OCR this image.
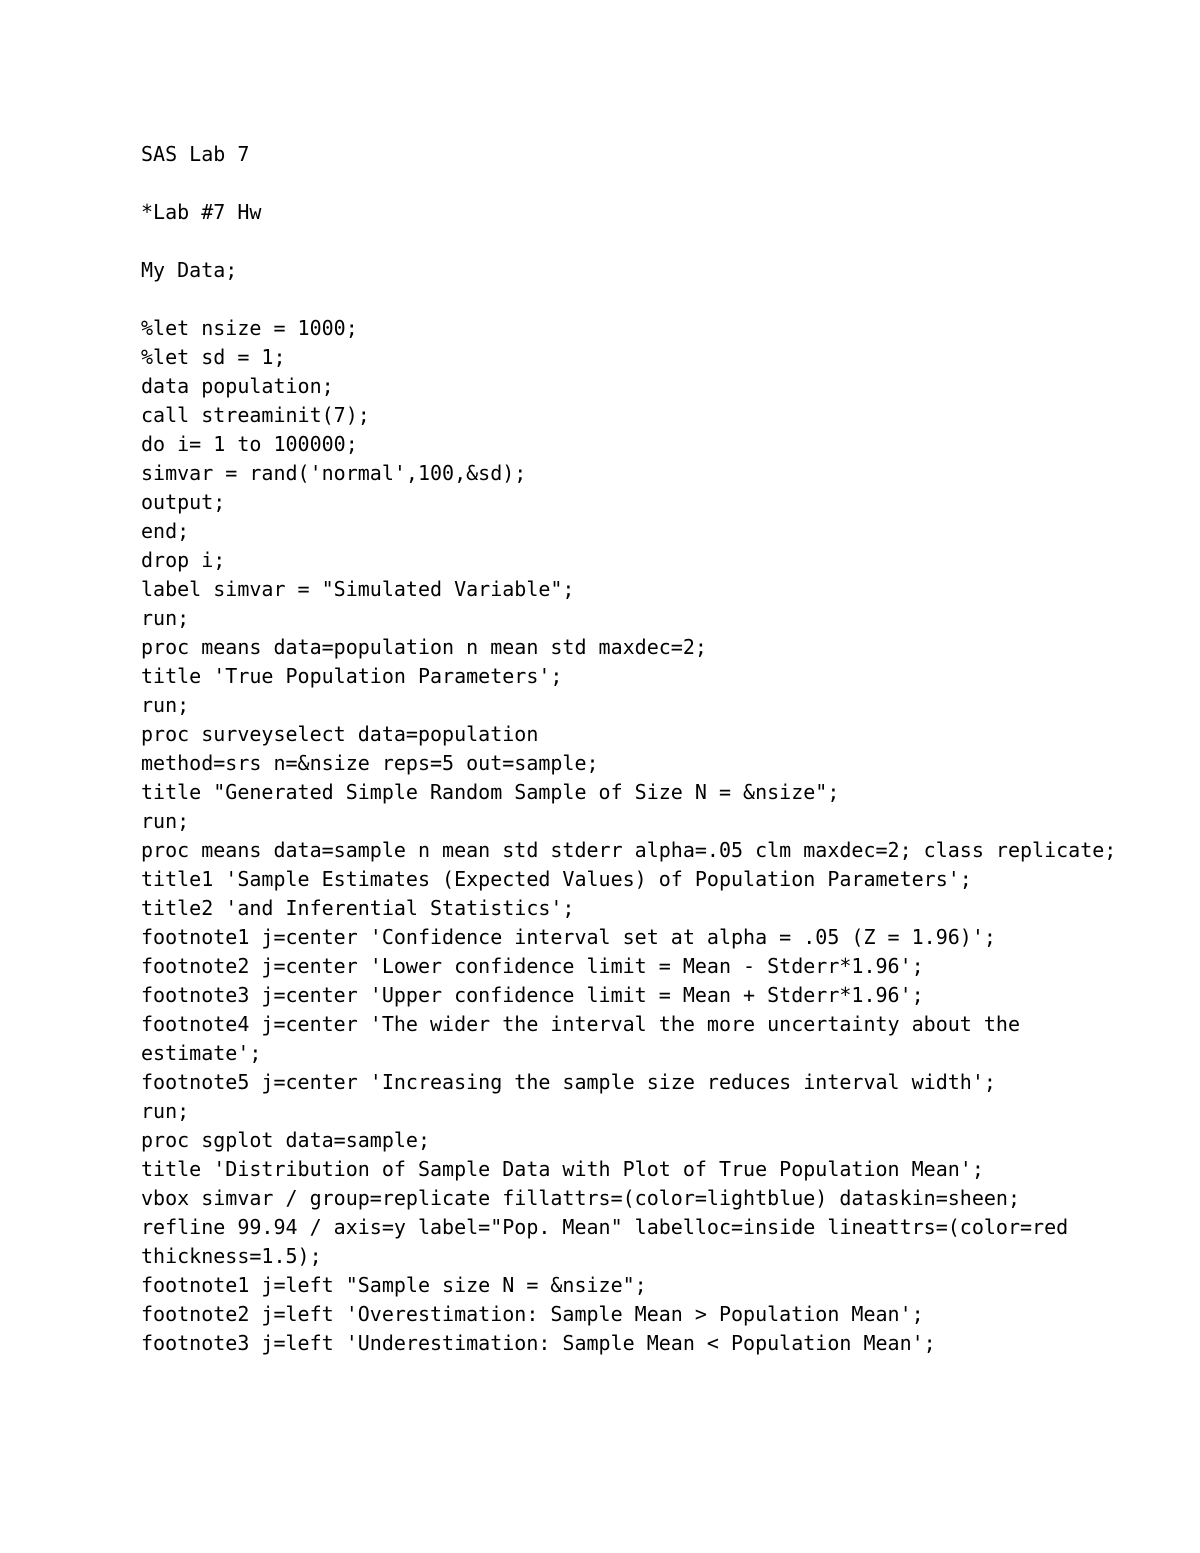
SAS Lab 7

*Lab #7 Hw

My Data;

%let nsize = 1000;
%let sd = 1;
data population;
call streaminit(7);
do i= 1 to 100000;
simvar = rand('normal',100,&sd);
output;
end;
drop i;
label simvar = "Simulated Variable";
run;
proc means data=population n mean std maxdec=2;
title 'True Population Parameters';
run;
proc surveyselect data=population
method=srs n=&nsize reps=5 out=sample;
title "Generated Simple Random Sample of Size N = &nsize";
run;
proc means data=sample n mean std stderr alpha=.05 clm maxdec=2; class replicate;
title1 'Sample Estimates (Expected Values) of Population Parameters';
title2 'and Inferential Statistics';
footnote1 j=center 'Confidence interval set at alpha = .05 (Z = 1.96)';
footnote2 j=center 'Lower confidence limit = Mean - Stderr*1.96';
footnote3 j=center 'Upper confidence limit = Mean + Stderr*1.96';
footnote4 j=center 'The wider the interval the more uncertainty about the estimate';
footnote5 j=center 'Increasing the sample size reduces interval width';
run;
proc sgplot data=sample;
title 'Distribution of Sample Data with Plot of True Population Mean';
vbox simvar / group=replicate fillattrs=(color=lightblue) dataskin=sheen;
refline 99.94 / axis=y label="Pop. Mean" labelloc=inside lineattrs=(color=red thickness=1.5);
footnote1 j=left "Sample size N = &nsize";
footnote2 j=left 'Overestimation: Sample Mean > Population Mean';
footnote3 j=left 'Underestimation: Sample Mean < Population Mean';
